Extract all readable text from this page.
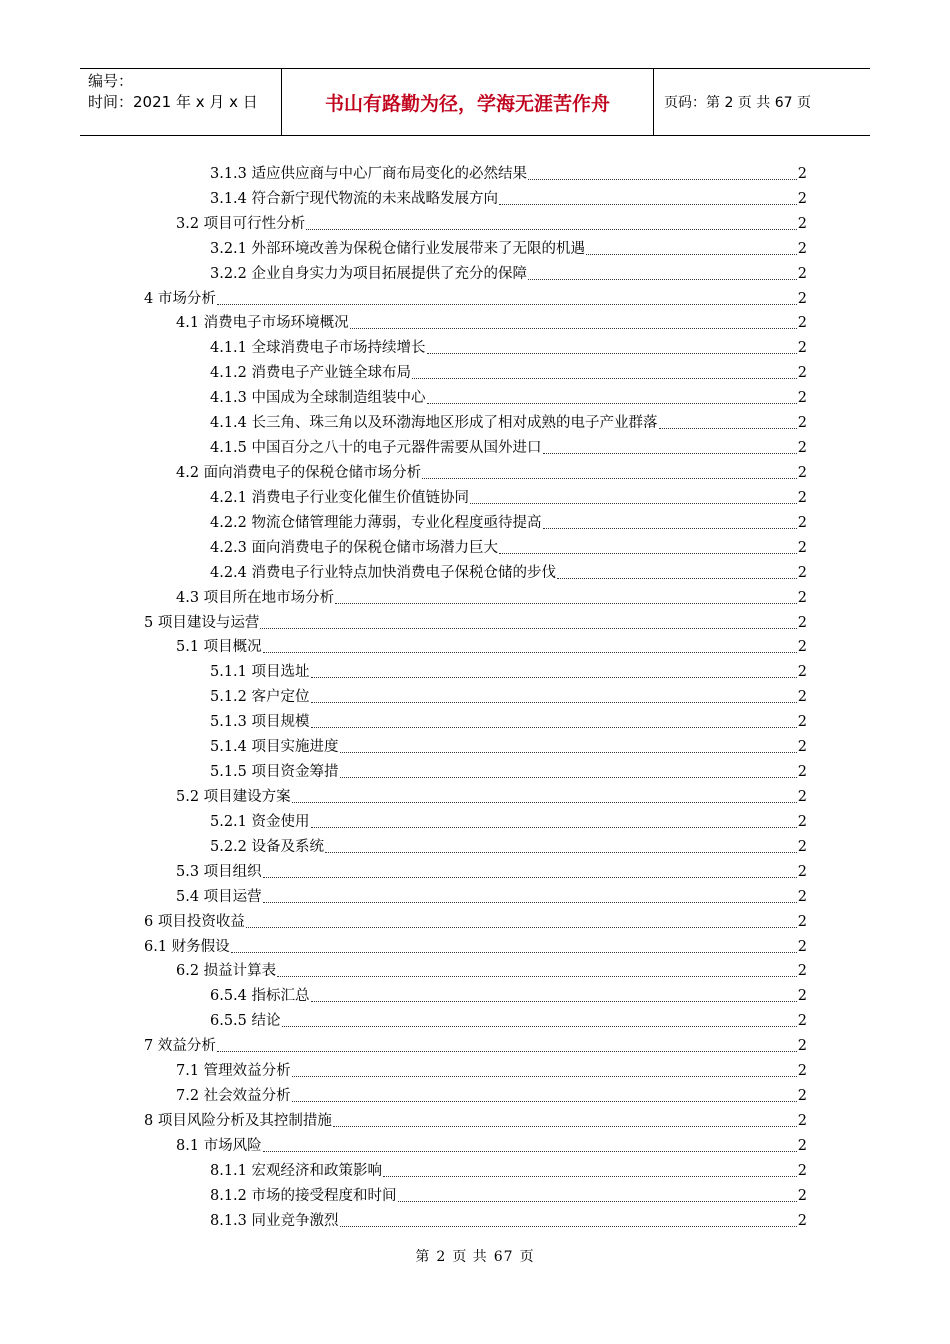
编号：
时间：2021 年 x 月 x 日	书山有路勤为径，学海无涯苦作舟	页码：第 2 页 共 67 页
3.1.3 适应供应商与中心厂商布局变化的必然结果	2
3.1.4 符合新宁现代物流的未来战略发展方向	2
3.2 项目可行性分析	2
3.2.1 外部环境改善为保税仓储行业发展带来了无限的机遇	2
3.2.2 企业自身实力为项目拓展提供了充分的保障	2
4 市场分析	2
4.1 消费电子市场环境概况	2
4.1.1 全球消费电子市场持续增长	2
4.1.2 消费电子产业链全球布局	2
4.1.3 中国成为全球制造组装中心	2
4.1.4 长三角、珠三角以及环渤海地区形成了相对成熟的电子产业群落	2
4.1.5 中国百分之八十的电子元器件需要从国外进口	2
4.2 面向消费电子的保税仓储市场分析	2
4.2.1 消费电子行业变化催生价值链协同	2
4.2.2 物流仓储管理能力薄弱，专业化程度亟待提高	2
4.2.3 面向消费电子的保税仓储市场潜力巨大	2
4.2.4 消费电子行业特点加快消费电子保税仓储的步伐	2
4.3 项目所在地市场分析	2
5 项目建设与运营	2
5.1 项目概况	2
5.1.1 项目选址	2
5.1.2 客户定位	2
5.1.3 项目规模	2
5.1.4 项目实施进度	2
5.1.5 项目资金筹措	2
5.2 项目建设方案	2
5.2.1 资金使用	2
5.2.2 设备及系统	2
5.3 项目组织	2
5.4 项目运营	2
6 项目投资收益	2
6.1 财务假设	2
6.2 损益计算表	2
6.5.4 指标汇总	2
6.5.5 结论	2
7 效益分析	2
7.1 管理效益分析	2
7.2 社会效益分析	2
8 项目风险分析及其控制措施	2
8.1 市场风险	2
8.1.1 宏观经济和政策影响	2
8.1.2 市场的接受程度和时间	2
8.1.3 同业竞争激烈	2
第 2 页 共 67 页
